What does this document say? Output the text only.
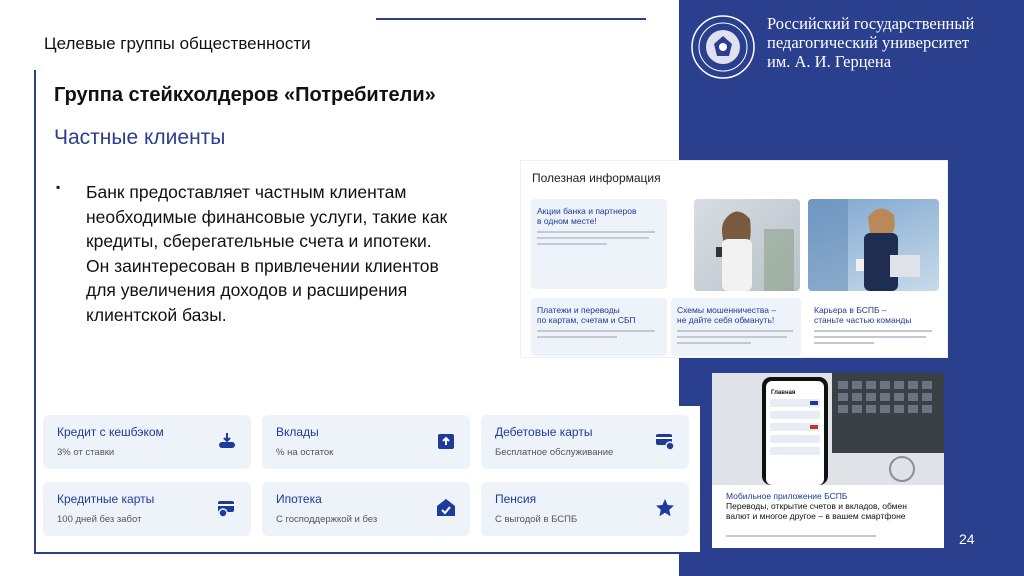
Целевые группы общественности
Российский государственный
педагогический университет
им. А. И. Герцена
Группа стейкхолдеров «Потребители»
Частные клиенты
▪ Банк предоставляет частным клиентам
необходимые финансовые услуги, такие как
кредиты, сберегательные счета и ипотеки.
Он заинтересован в привлечении клиентов
для увеличения доходов и расширения
клиентской базы.
Полезная информация
Акции банка и партнеров
в одном месте!
Платежи и переводы
по картам, счетам и СБП
Схемы мошенничества –
не дайте себя обмануть!
Карьера в БСПБ –
станьте частью команды
Главная
Мобильное приложение БСПБ
Переводы, открытие счетов и вкладов, обмен валют и многое другое – в вашем смартфоне
Кредит с кешбэком
3% от ставки
Вклады
% на остаток
Дебетовые карты
Бесплатное обслуживание
Кредитные карты
100 дней без забот
Ипотека
С господдержкой и без
Пенсия
С выгодой в БСПБ
24
